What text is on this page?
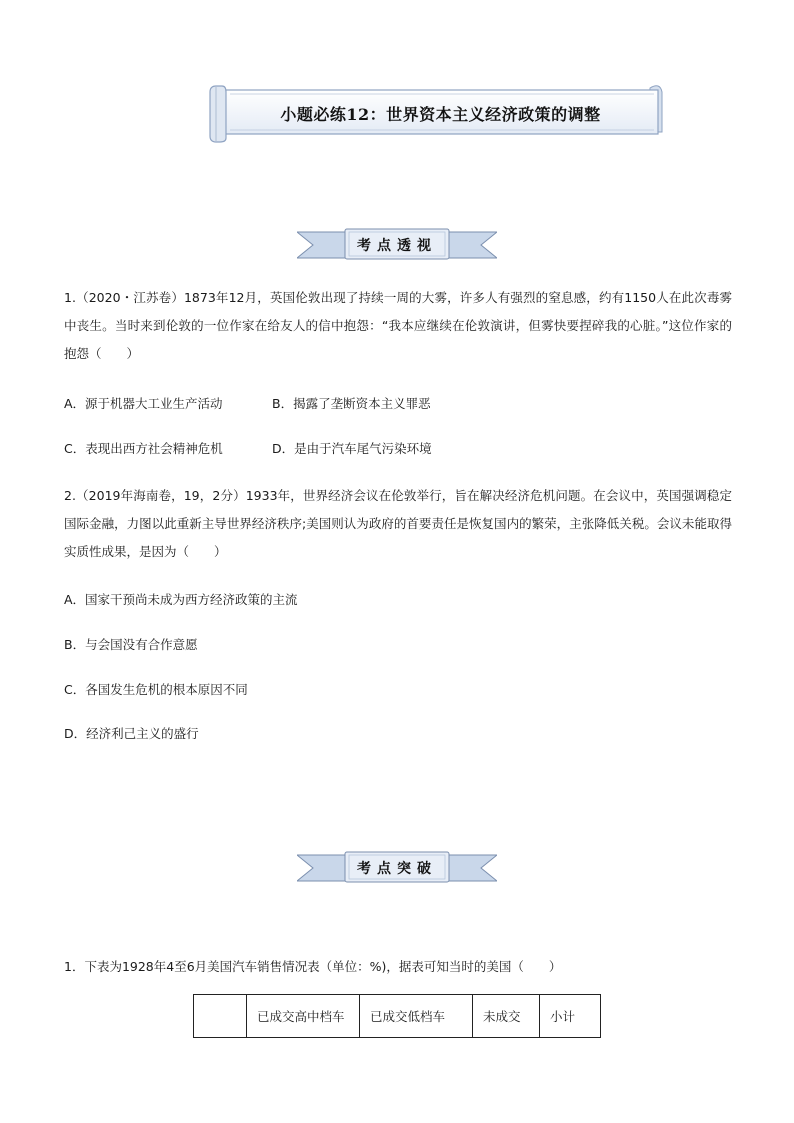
小题必练12：世界资本主义经济政策的调整
考点透视
1.（2020・江苏卷）1873年12月，英国伦敦出现了持续一周的大雾，许多人有强烈的窒息感，约有1150人在此次毒雾中丧生。当时来到伦敦的一位作家在给友人的信中抱怨：“我本应继续在伦敦演讲，但雾快要捏碎我的心脏。”这位作家的抱怨（　　）
A．源于机器大工业生产活动	B．揭露了垄断资本主义罪恶
C．表现出西方社会精神危机	D．是由于汽车尾气污染环境
2.（2019年海南卷，19，2分）1933年，世界经济会议在伦敦举行，旨在解决经济危机问题。在会议中，英国强调稳定国际金融，力图以此重新主导世界经济秩序;美国则认为政府的首要责任是恢复国内的繁荣，主张降低关税。会议未能取得实质性成果，是因为（　　）
A．国家干预尚未成为西方经济政策的主流
B．与会国没有合作意愿
C．各国发生危机的根本原因不同
D．经济利己主义的盛行
考点突破
1．下表为1928年4至6月美国汽车销售情况表（单位：%)，据表可知当时的美国（　　）
	已成交高中档车	已成交低档车	未成交	小计
